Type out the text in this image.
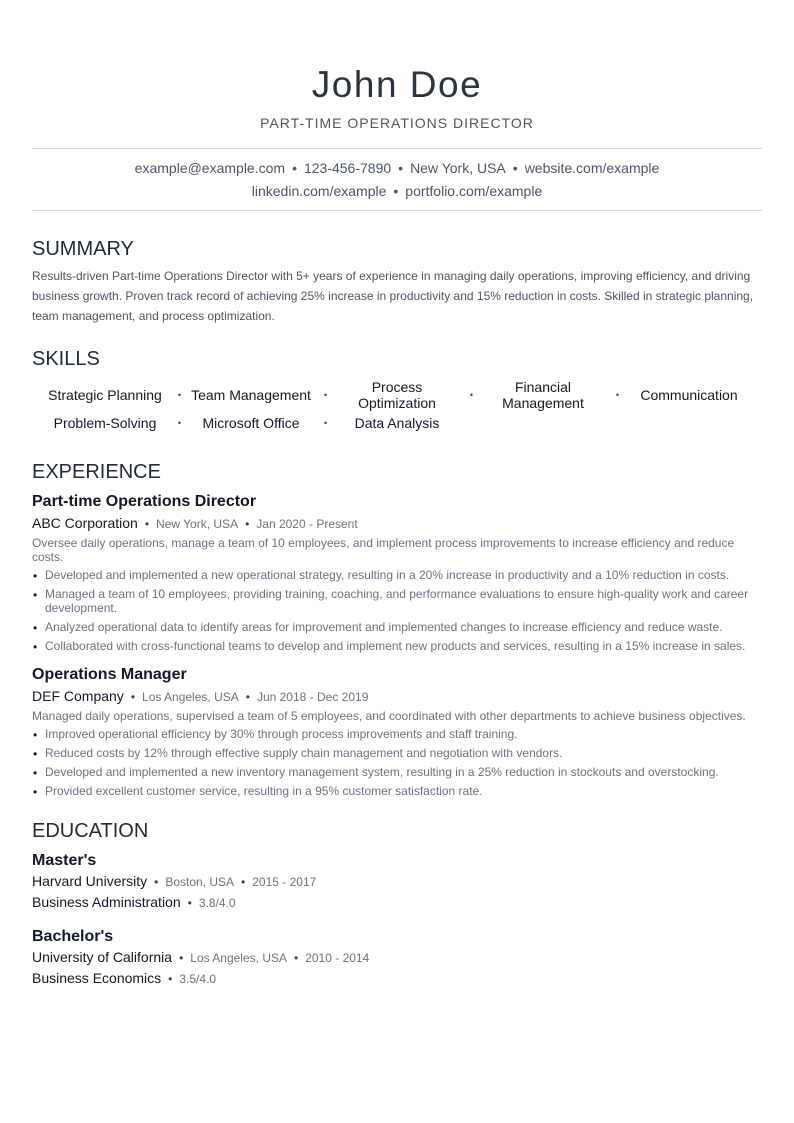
John Doe
PART-TIME OPERATIONS DIRECTOR
example@example.com • 123-456-7890 • New York, USA • website.com/example
linkedin.com/example • portfolio.com/example
SUMMARY
Results-driven Part-time Operations Director with 5+ years of experience in managing daily operations, improving efficiency, and driving business growth. Proven track record of achieving 25% increase in productivity and 15% reduction in costs. Skilled in strategic planning, team management, and process optimization.
SKILLS
Strategic Planning • Team Management •	Process Optimization	•	Financial Management	• Communication
Problem-Solving • Microsoft Office	• Data Analysis
EXPERIENCE
Part-time Operations Director
ABC Corporation • New York, USA • Jan 2020 - Present
Oversee daily operations, manage a team of 10 employees, and implement process improvements to increase efficiency and reduce costs.
• Developed and implemented a new operational strategy, resulting in a 20% increase in productivity and a 10% reduction in costs.
• Managed a team of 10 employees, providing training, coaching, and performance evaluations to ensure high-quality work and career development.
• Analyzed operational data to identify areas for improvement and implemented changes to increase efficiency and reduce waste.
• Collaborated with cross-functional teams to develop and implement new products and services, resulting in a 15% increase in sales.
Operations Manager
DEF Company • Los Angeles, USA • Jun 2018 - Dec 2019
Managed daily operations, supervised a team of 5 employees, and coordinated with other departments to achieve business objectives.
• Improved operational efficiency by 30% through process improvements and staff training.
• Reduced costs by 12% through effective supply chain management and negotiation with vendors.
• Developed and implemented a new inventory management system, resulting in a 25% reduction in stockouts and overstocking.
• Provided excellent customer service, resulting in a 95% customer satisfaction rate.
EDUCATION
Master's
Harvard University • Boston, USA • 2015 - 2017
Business Administration • 3.8/4.0
Bachelor's
University of California • Los Angeles, USA • 2010 - 2014
Business Economics • 3.5/4.0
